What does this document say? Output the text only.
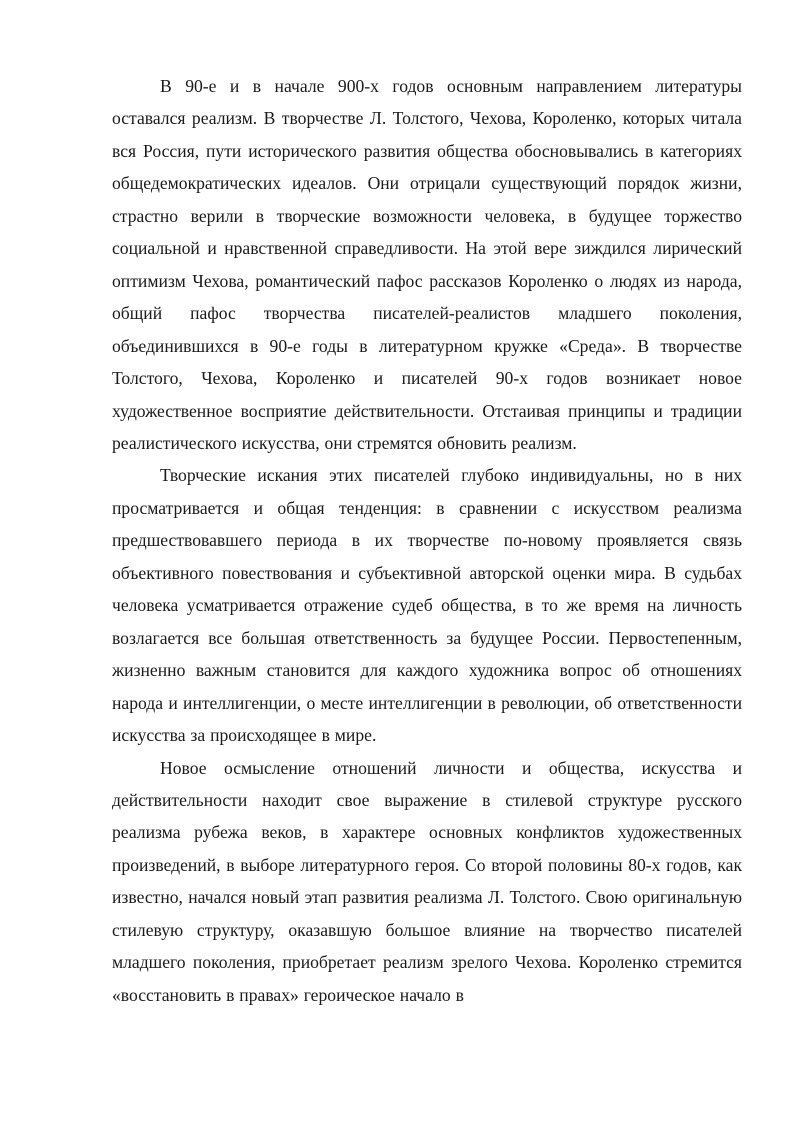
В 90-е и в начале 900-х годов основным направлением литературы оставался реализм. В творчестве Л. Толстого, Чехова, Короленко, которых читала вся Россия, пути исторического развития общества обосновывались в категориях общедемократических идеалов. Они отрицали существующий порядок жизни, страстно верили в творческие возможности человека, в будущее торжество социальной и нравственной справедливости. На этой вере зиждился лирический оптимизм Чехова, романтический пафос рассказов Короленко о людях из народа, общий пафос творчества писателей-реалистов младшего поколения, объединившихся в 90-е годы в литературном кружке «Среда». В творчестве Толстого, Чехова, Короленко и писателей 90-х годов возникает новое художественное восприятие действительности. Отстаивая принципы и традиции реалистического искусства, они стремятся обновить реализм.

Творческие искания этих писателей глубоко индивидуальны, но в них просматривается и общая тенденция: в сравнении с искусством реализма предшествовавшего периода в их творчестве по-новому проявляется связь объективного повествования и субъективной авторской оценки мира. В судьбах человека усматривается отражение судеб общества, в то же время на личность возлагается все большая ответственность за будущее России. Первостепенным, жизненно важным становится для каждого художника вопрос об отношениях народа и интеллигенции, о месте интеллигенции в революции, об ответственности искусства за происходящее в мире.

Новое осмысление отношений личности и общества, искусства и действительности находит свое выражение в стилевой структуре русского реализма рубежа веков, в характере основных конфликтов художественных произведений, в выборе литературного героя. Со второй половины 80-х годов, как известно, начался новый этап развития реализма Л. Толстого. Свою оригинальную стилевую структуру, оказавшую большое влияние на творчество писателей младшего поколения, приобретает реализм зрелого Чехова. Короленко стремится «восстановить в правах» героическое начало в
